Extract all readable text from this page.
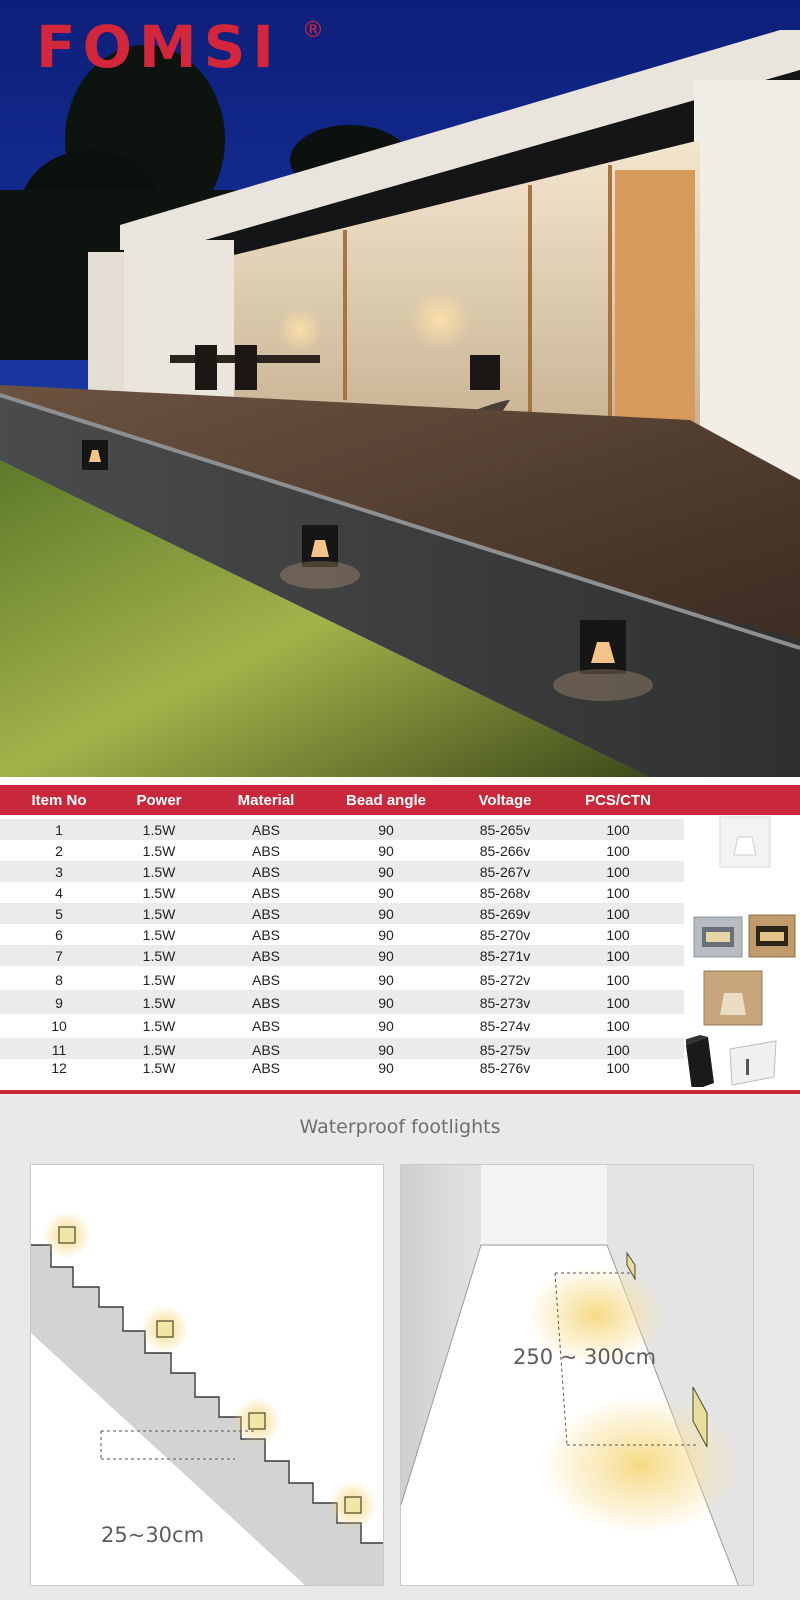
FOMSI ®
Item No	Power	Material	Bead angle	Voltage	PCS/CTN
1	1.5W	ABS	90	85-265v	100
2	1.5W	ABS	90	85-266v	100
3	1.5W	ABS	90	85-267v	100
4	1.5W	ABS	90	85-268v	100
5	1.5W	ABS	90	85-269v	100
6	1.5W	ABS	90	85-270v	100
7	1.5W	ABS	90	85-271v	100
8	1.5W	ABS	90	85-272v	100
9	1.5W	ABS	90	85-273v	100
10	1.5W	ABS	90	85-274v	100
11	1.5W	ABS	90	85-275v	100
12	1.5W	ABS	90	85-276v	100
Waterproof footlights
25~30cm
250 ~ 300cm
